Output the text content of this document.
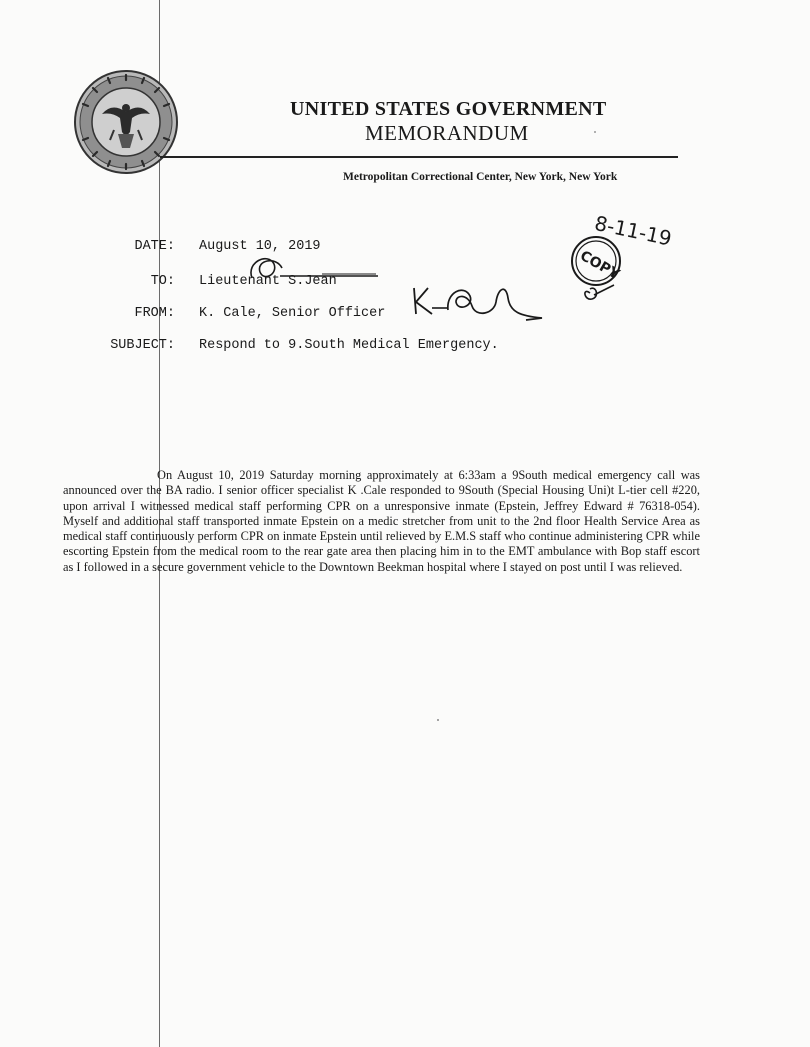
UNITED STATES GOVERNMENT
MEMORANDUM
Metropolitan Correctional Center, New York, New York
DATE: August 10, 2019
TO: Lieutenant S.Jean
FROM: K. Cale, Senior Officer
SUBJECT: Respond to 9.South Medical Emergency.
8-11-19
COPY

On August 10, 2019 Saturday morning approximately at 6:33am a 9South medical emergency call was announced over the BA radio. I senior officer specialist K .Cale responded to 9South (Special Housing Uni)t L-tier cell #220, upon arrival I witnessed medical staff performing CPR on a unresponsive inmate (Epstein, Jeffrey Edward # 76318-054). Myself and additional staff transported inmate Epstein on a medic stretcher from unit to the 2nd floor Health Service Area as medical staff continuously perform CPR on inmate Epstein until relieved by E.M.S staff who continue administering CPR while escorting Epstein from the medical room to the rear gate area then placing him in to the EMT ambulance with Bop staff escort as I followed in a secure government vehicle to the Downtown Beekman hospital where I stayed on post until I was relieved.
